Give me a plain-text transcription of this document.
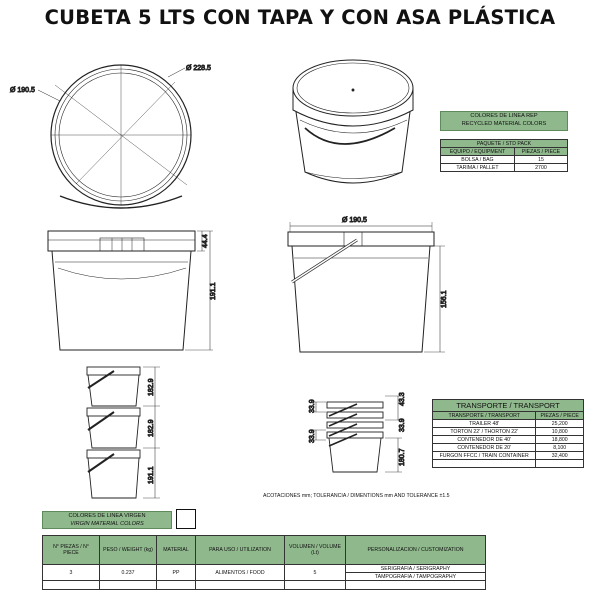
CUBETA 5 LTS CON TAPA Y CON ASA PLÁSTICA
Ø 190.5
Ø 228.5
44.4
191.1
Ø 190.5
156.1
182.9
182.9
191.1
33.9
43.3
33.9
33.9
180.7
COLORES DE LINEA REP
RECYCLED MATERIAL COLORS
PAQUETE / STD PACK	
EQUIPO / EQUIPMENT	PIEZAS / PIECE
BOLSA / BAG	15
TARIMA / PALLET	2700
TRANSPORTE / TRANSPORT	
TRANSPORTE / TRANSPORT	PIEZAS / PIECE
TRAILER 48'	25,200
TORTON 22' / THORTON 22'	10,800
CONTENEDOR DE 40'	18,800
CONTENEDOR DE 20'	8,100
FURGON FFCC / TRAIN CONTAINER	32,400

ACOTACIONES mm; TOLERANCIA / DIMENTIONS mm AND TOLERANCE ±1.5
COLORES DE LINEA VIRGEN
VIRGIN MATERIAL COLORS
N° PIEZAS / N° PIECE	PESO / WEIGHT (kg)	MATERIAL	PARA USO / UTILIZATION	VOLUMEN / VOLUME (Lt)	PERSONALIZACION / CUSTOMIZATION
3	0.237	PP	ALIMENTOS / FOOD	5	SERIGRAFIA / SERIGRAPHY
					TAMPOGRAFIA / TAMPOGRAPHY
